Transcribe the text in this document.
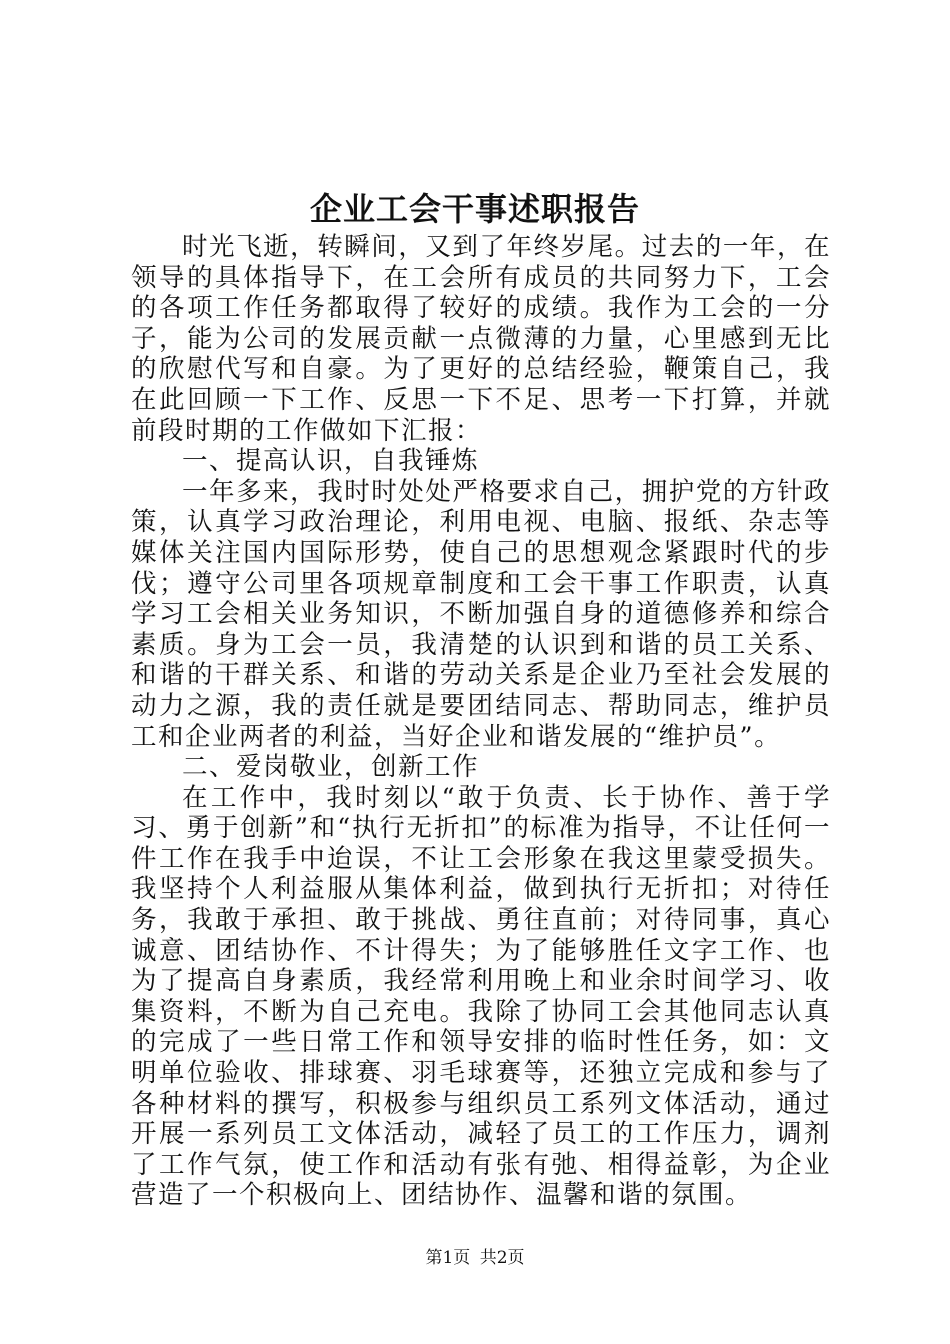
企业工会干事述职报告

时光飞逝，转瞬间，又到了年终岁尾。过去的一年，在领导的具体指导下，在工会所有成员的共同努力下，工会的各项工作任务都取得了较好的成绩。我作为工会的一分子，能为公司的发展贡献一点微薄的力量，心里感到无比的欣慰代写和自豪。为了更好的总结经验，鞭策自己，我在此回顾一下工作、反思一下不足、思考一下打算，并就前段时期的工作做如下汇报：

一、提高认识，自我锤炼

一年多来，我时时处处严格要求自己，拥护党的方针政策，认真学习政治理论，利用电视、电脑、报纸、杂志等媒体关注国内国际形势，使自己的思想观念紧跟时代的步伐；遵守公司里各项规章制度和工会干事工作职责，认真学习工会相关业务知识，不断加强自身的道德修养和综合素质。身为工会一员，我清楚的认识到和谐的员工关系、和谐的干群关系、和谐的劳动关系是企业乃至社会发展的动力之源，我的责任就是要团结同志、帮助同志，维护员工和企业两者的利益，当好企业和谐发展的“维护员”。

二、爱岗敬业，创新工作

在工作中，我时刻以“敢于负责、长于协作、善于学习、勇于创新”和“执行无折扣”的标准为指导，不让任何一件工作在我手中迨误，不让工会形象在我这里蒙受损失。我坚持个人利益服从集体利益，做到执行无折扣；对待任务，我敢于承担、敢于挑战、勇往直前；对待同事，真心诚意、团结协作、不计得失；为了能够胜任文字工作、也为了提高自身素质，我经常利用晚上和业余时间学习、收集资料，不断为自己充电。我除了协同工会其他同志认真的完成了一些日常工作和领导安排的临时性任务，如：文明单位验收、排球赛、羽毛球赛等，还独立完成和参与了各种材料的撰写，积极参与组织员工系列文体活动，通过开展一系列员工文体活动，减轻了员工的工作压力，调剂了工作气氛，使工作和活动有张有弛、相得益彰，为企业营造了一个积极向上、团结协作、温馨和谐的氛围。

第1页 共2页
